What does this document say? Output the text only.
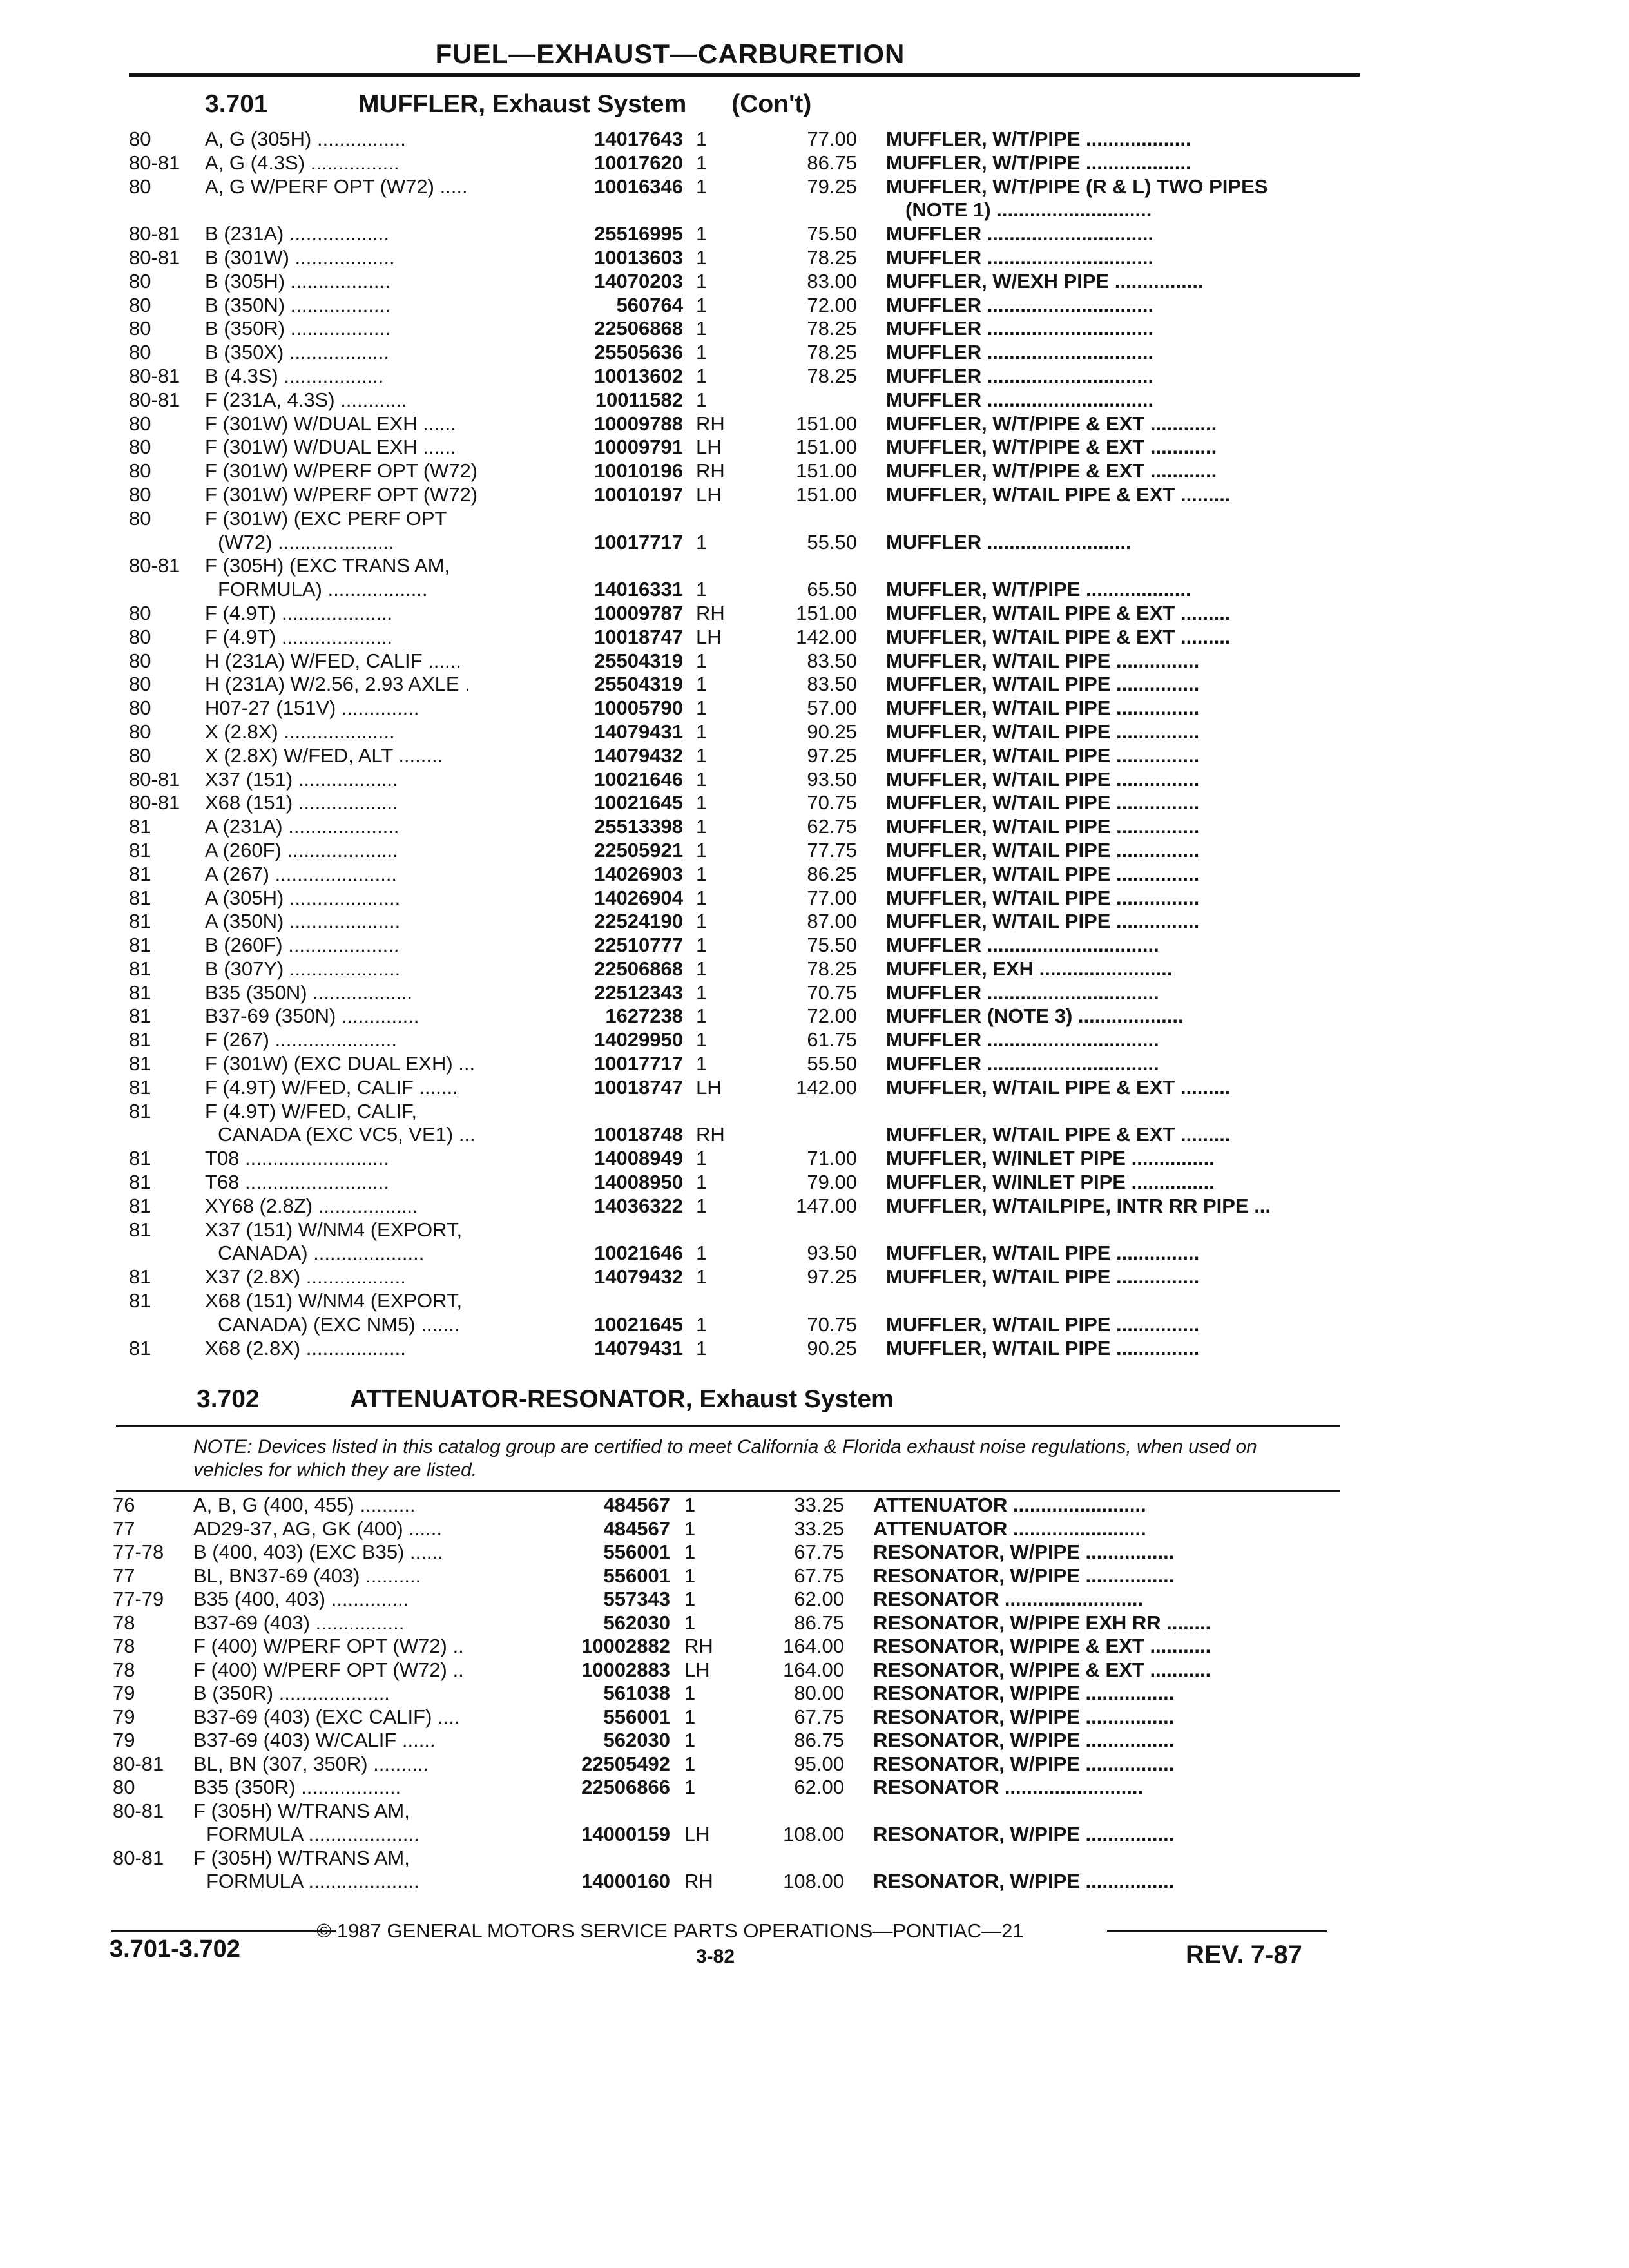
FUEL—EXHAUST—CARBURETION
3.701	MUFFLER, Exhaust System (Con't)
80	A, G (305H) ................	14017643 1	77.00 MUFFLER, W/T/PIPE ...................
80-81	A, G (4.3S) ................	10017620 1	86.75 MUFFLER, W/T/PIPE ...................
80	A, G W/PERF OPT (W72) .....	10016346 1	79.25 MUFFLER, W/T/PIPE (R & L) TWO PIPES
(NOTE 1) ............................
80-81	B (231A) ..................	25516995 1	75.50 MUFFLER ..............................
80-81	B (301W) ..................	10013603 1	78.25 MUFFLER ..............................
80	B (305H) ..................	14070203 1	83.00 MUFFLER, W/EXH PIPE ................
80	B (350N) ..................	560764 1	72.00 MUFFLER ..............................
80	B (350R) ..................	22506868 1	78.25 MUFFLER ..............................
80	B (350X) ..................	25505636 1	78.25 MUFFLER ..............................
80-81	B (4.3S) ..................	10013602 1	78.25 MUFFLER ..............................
80-81	F (231A, 4.3S) ............	10011582 1	MUFFLER ..............................
80	F (301W) W/DUAL EXH ......	10009788 RH	151.00 MUFFLER, W/T/PIPE & EXT ............
80	F (301W) W/DUAL EXH ......	10009791 LH	151.00 MUFFLER, W/T/PIPE & EXT ............
80	F (301W) W/PERF OPT (W72)	10010196 RH	151.00 MUFFLER, W/T/PIPE & EXT ............
80	F (301W) W/PERF OPT (W72)	10010197 LH	151.00 MUFFLER, W/TAIL PIPE & EXT .........
80	F (301W) (EXC PERF OPT
(W72) .....................	10017717 1	55.50 MUFFLER ..........................
80-81	F (305H) (EXC TRANS AM,
FORMULA) ..................	14016331 1	65.50 MUFFLER, W/T/PIPE ...................
80	F (4.9T) ....................	10009787 RH	151.00 MUFFLER, W/TAIL PIPE & EXT .........
80	F (4.9T) ....................	10018747 LH	142.00 MUFFLER, W/TAIL PIPE & EXT .........
80	H (231A) W/FED, CALIF ......	25504319 1	83.50 MUFFLER, W/TAIL PIPE ...............
80	H (231A) W/2.56, 2.93 AXLE .	25504319 1	83.50 MUFFLER, W/TAIL PIPE ...............
80	H07-27 (151V) ..............	10005790 1	57.00 MUFFLER, W/TAIL PIPE ...............
80	X (2.8X) ....................	14079431 1	90.25 MUFFLER, W/TAIL PIPE ...............
80	X (2.8X) W/FED, ALT ........	14079432 1	97.25 MUFFLER, W/TAIL PIPE ...............
80-81	X37 (151) ..................	10021646 1	93.50 MUFFLER, W/TAIL PIPE ...............
80-81	X68 (151) ..................	10021645 1	70.75 MUFFLER, W/TAIL PIPE ...............
81	A (231A) ....................	25513398 1	62.75 MUFFLER, W/TAIL PIPE ...............
81	A (260F) ....................	22505921 1	77.75 MUFFLER, W/TAIL PIPE ...............
81	A (267) ......................	14026903 1	86.25 MUFFLER, W/TAIL PIPE ...............
81	A (305H) ....................	14026904 1	77.00 MUFFLER, W/TAIL PIPE ...............
81	A (350N) ....................	22524190 1	87.00 MUFFLER, W/TAIL PIPE ...............
81	B (260F) ....................	22510777 1	75.50 MUFFLER ...............................
81	B (307Y) ....................	22506868 1	78.25 MUFFLER, EXH ........................
81	B35 (350N) ..................	22512343 1	70.75 MUFFLER ...............................
81	B37-69 (350N) ..............	1627238 1	72.00 MUFFLER (NOTE 3) ...................
81	F (267) ......................	14029950 1	61.75 MUFFLER ...............................
81	F (301W) (EXC DUAL EXH) ...	10017717 1	55.50 MUFFLER ...............................
81	F (4.9T) W/FED, CALIF .......	10018747 LH	142.00 MUFFLER, W/TAIL PIPE & EXT .........
81	F (4.9T) W/FED, CALIF,
CANADA (EXC VC5, VE1) ...	10018748 RH	MUFFLER, W/TAIL PIPE & EXT .........
81	T08 ..........................	14008949 1	71.00 MUFFLER, W/INLET PIPE ...............
81	T68 ..........................	14008950 1	79.00 MUFFLER, W/INLET PIPE ...............
81	XY68 (2.8Z) ..................	14036322 1	147.00 MUFFLER, W/TAILPIPE, INTR RR PIPE ...
81	X37 (151) W/NM4 (EXPORT,
CANADA) ....................	10021646 1	93.50 MUFFLER, W/TAIL PIPE ...............
81	X37 (2.8X) ..................	14079432 1	97.25 MUFFLER, W/TAIL PIPE ...............
81	X68 (151) W/NM4 (EXPORT,
CANADA) (EXC NM5) .......	10021645 1	70.75 MUFFLER, W/TAIL PIPE ...............
81	X68 (2.8X) ..................	14079431 1	90.25 MUFFLER, W/TAIL PIPE ...............
3.702	ATTENUATOR-RESONATOR, Exhaust System
NOTE: Devices listed in this catalog group are certified to meet California & Florida exhaust noise regulations, when used on vehicles for which they are listed.
76	A, B, G (400, 455) ..........	484567 1	33.25 ATTENUATOR ........................
77	AD29-37, AG, GK (400) ......	484567 1	33.25 ATTENUATOR ........................
77-78	B (400, 403) (EXC B35) ......	556001 1	67.75 RESONATOR, W/PIPE ................
77	BL, BN37-69 (403) ..........	556001 1	67.75 RESONATOR, W/PIPE ................
77-79	B35 (400, 403) ..............	557343 1	62.00 RESONATOR .........................
78	B37-69 (403) ................	562030 1	86.75 RESONATOR, W/PIPE EXH RR ........
78	F (400) W/PERF OPT (W72) ..	10002882 RH	164.00 RESONATOR, W/PIPE & EXT ...........
78	F (400) W/PERF OPT (W72) ..	10002883 LH	164.00 RESONATOR, W/PIPE & EXT ...........
79	B (350R) ....................	561038 1	80.00 RESONATOR, W/PIPE ................
79	B37-69 (403) (EXC CALIF) ....	556001 1	67.75 RESONATOR, W/PIPE ................
79	B37-69 (403) W/CALIF ......	562030 1	86.75 RESONATOR, W/PIPE ................
80-81	BL, BN (307, 350R) ..........	22505492 1	95.00 RESONATOR, W/PIPE ................
80	B35 (350R) ..................	22506866 1	62.00 RESONATOR .........................
80-81	F (305H) W/TRANS AM,
FORMULA ....................	14000159 LH	108.00 RESONATOR, W/PIPE ................
80-81	F (305H) W/TRANS AM,
FORMULA ....................	14000160 RH	108.00 RESONATOR, W/PIPE ................
© 1987 GENERAL MOTORS SERVICE PARTS OPERATIONS—PONTIAC—21
3.701-3.702	3-82	REV. 7-87
